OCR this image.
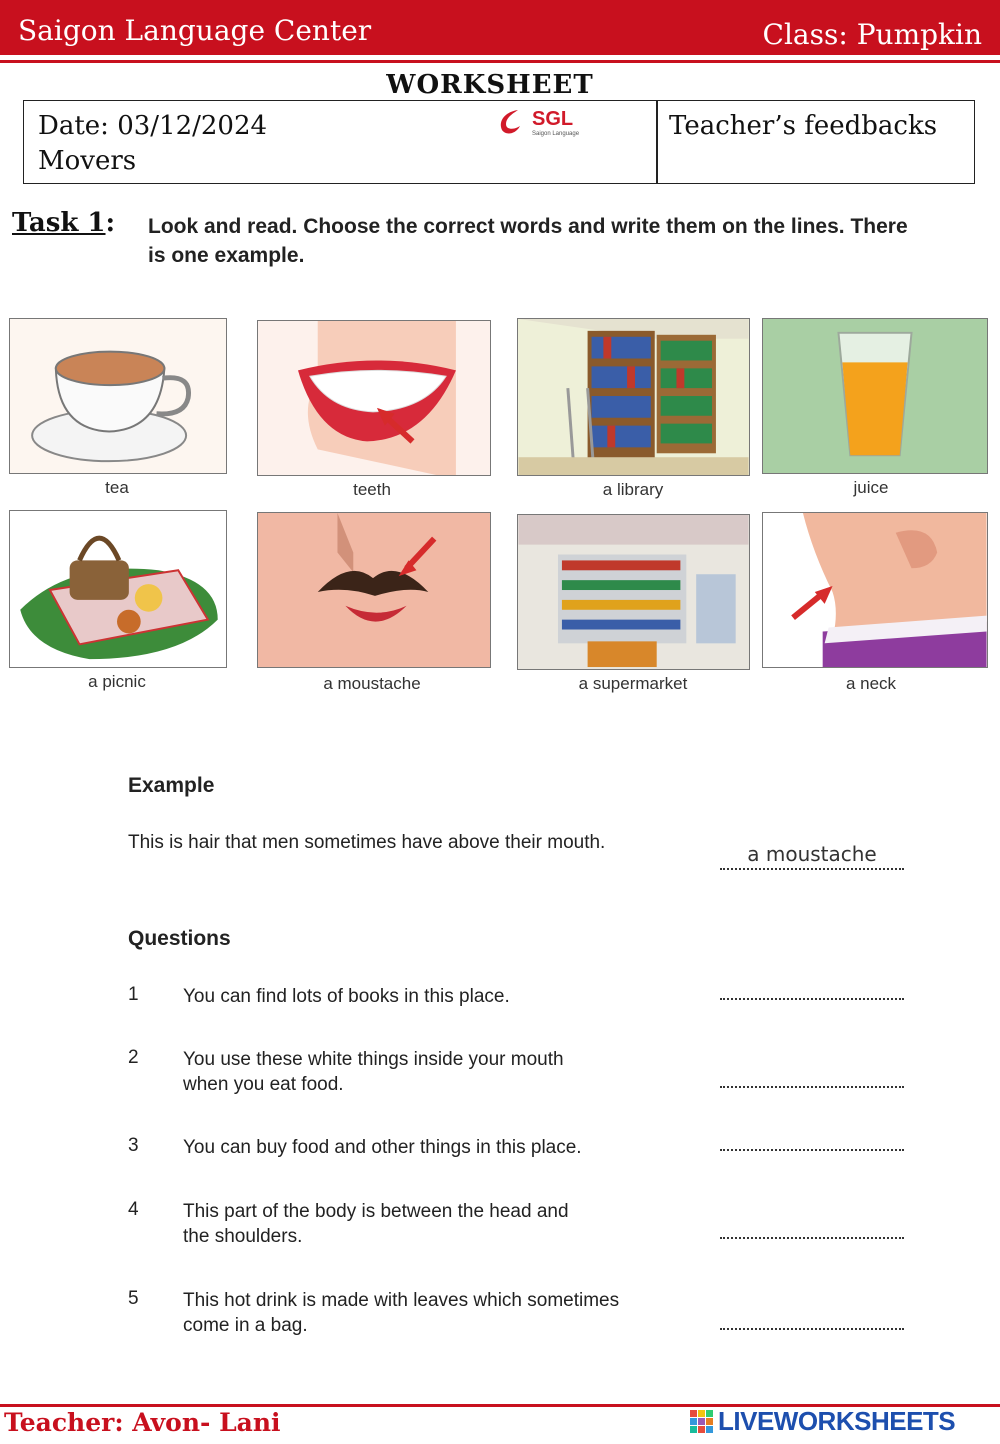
Saigon Language Center	Class: Pumpkin
WORKSHEET
Date: 03/12/2024
Movers
SGL
Saigon Language	Teacher’s feedbacks
Task 1: Look and read. Choose the correct words and write them on the lines. There is one example.
tea	teeth	a library	juice
a picnic	a moustache	a supermarket	a neck
Example
This is hair that men sometimes have above their mouth.	a moustache
Questions
1 You can find lots of books in this place.
2 You use these white things inside your mouth when you eat food.
3 You can buy food and other things in this place.
4 This part of the body is between the head and the shoulders.
5 This hot drink is made with leaves which sometimes come in a bag.
Teacher: Avon- Lani	LIVEWORKSHEETS
